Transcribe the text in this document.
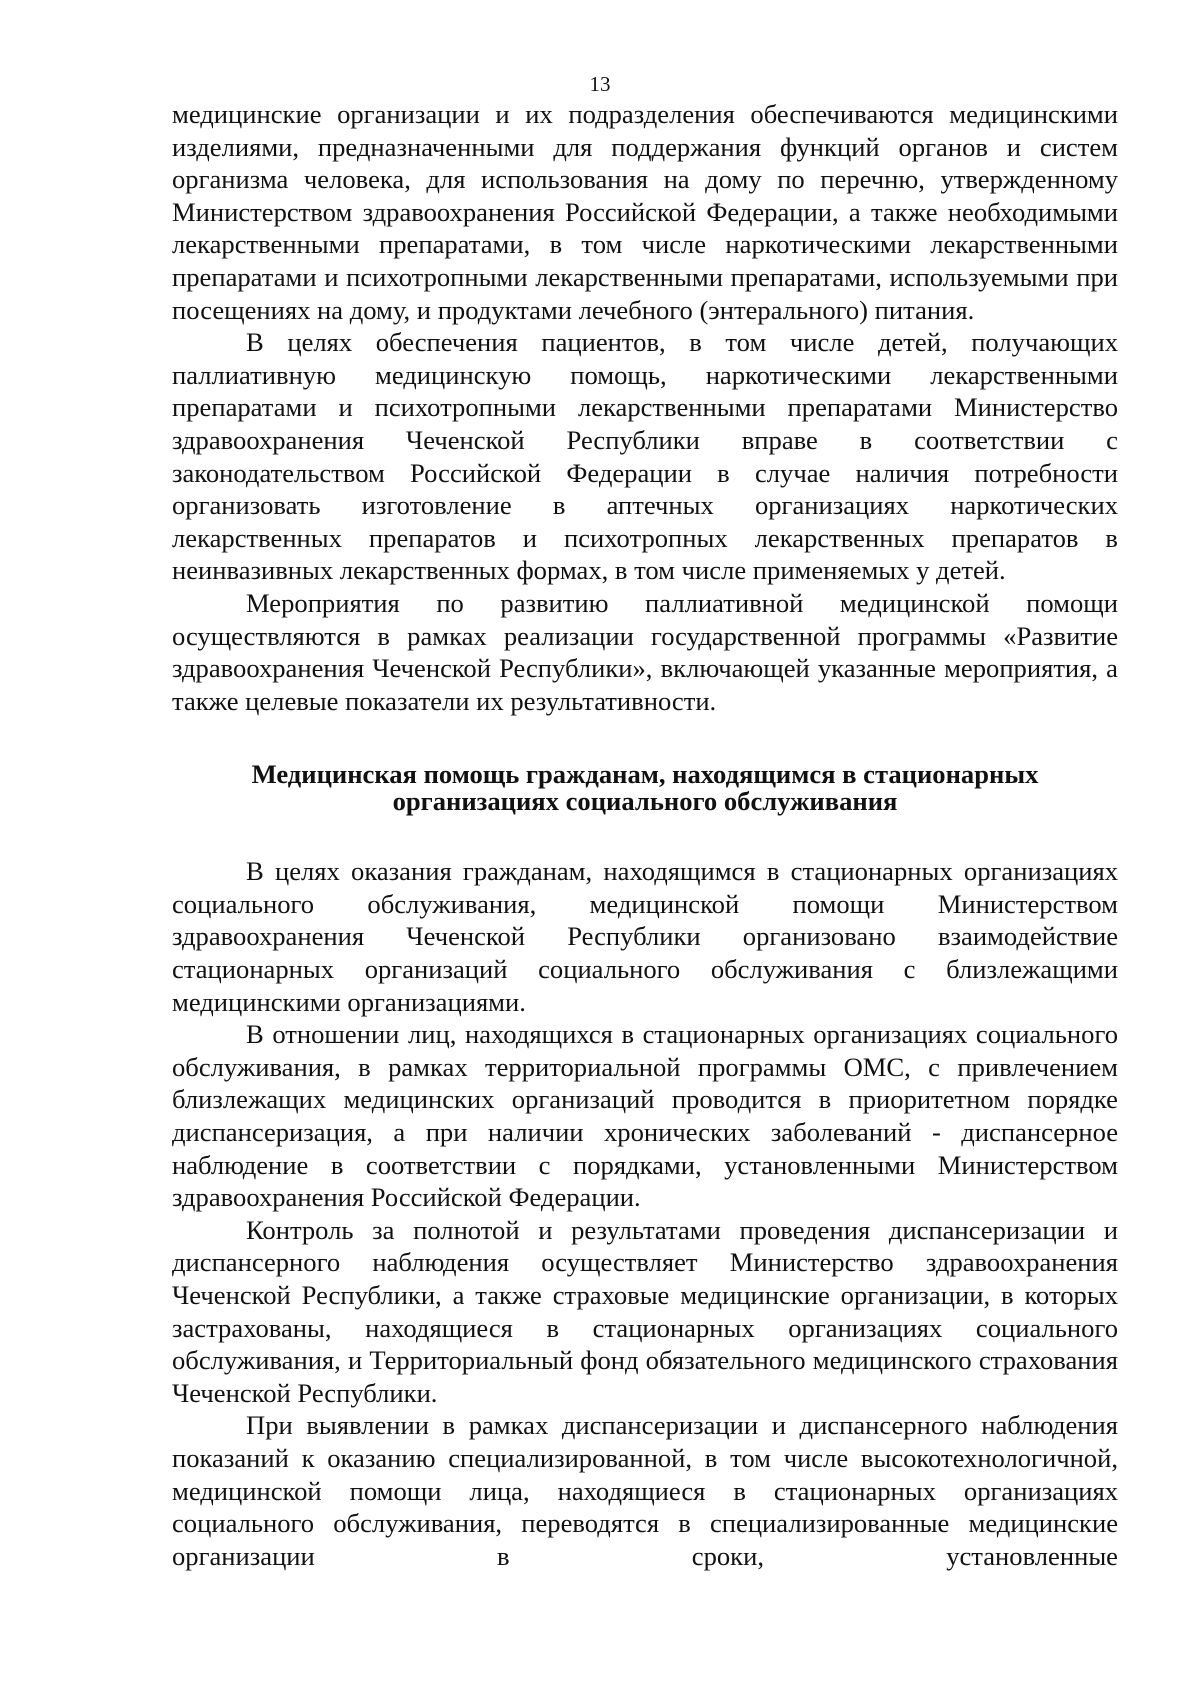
13

медицинские организации и их подразделения обеспечиваются медицинскими изделиями, предназначенными для поддержания функций органов и систем организма человека, для использования на дому по перечню, утвержденному Министерством здравоохранения Российской Федерации, а также необходимыми лекарственными препаратами, в том числе наркотическими лекарственными препаратами и психотропными лекарственными препаратами, используемыми при посещениях на дому, и продуктами лечебного (энтерального) питания.

В целях обеспечения пациентов, в том числе детей, получающих паллиативную медицинскую помощь, наркотическими лекарственными препаратами и психотропными лекарственными препаратами Министерство здравоохранения Чеченской Республики вправе в соответствии с законодательством Российской Федерации в случае наличия потребности организовать изготовление в аптечных организациях наркотических лекарственных препаратов и психотропных лекарственных препаратов в неинвазивных лекарственных формах, в том числе применяемых у детей.

Мероприятия по развитию паллиативной медицинской помощи осуществляются в рамках реализации государственной программы «Развитие здравоохранения Чеченской Республики», включающей указанные мероприятия, а также целевые показатели их результативности.

Медицинская помощь гражданам, находящимся в стационарных
организациях социального обслуживания

В целях оказания гражданам, находящимся в стационарных организациях социального обслуживания, медицинской помощи Министерством здравоохранения Чеченской Республики организовано взаимодействие стационарных организаций социального обслуживания с близлежащими медицинскими организациями.

В отношении лиц, находящихся в стационарных организациях социального обслуживания, в рамках территориальной программы ОМС, с привлечением близлежащих медицинских организаций проводится в приоритетном порядке диспансеризация, а при наличии хронических заболеваний - диспансерное наблюдение в соответствии с порядками, установленными Министерством здравоохранения Российской Федерации.

Контроль за полнотой и результатами проведения диспансеризации и диспансерного наблюдения осуществляет Министерство здравоохранения Чеченской Республики, а также страховые медицинские организации, в которых застрахованы, находящиеся в стационарных организациях социального обслуживания, и Территориальный фонд обязательного медицинского страхования Чеченской Республики.

При выявлении в рамках диспансеризации и диспансерного наблюдения показаний к оказанию специализированной, в том числе высокотехнологичной, медицинской помощи лица, находящиеся в стационарных организациях социального обслуживания, переводятся в специализированные медицинские организации в сроки, установленные
